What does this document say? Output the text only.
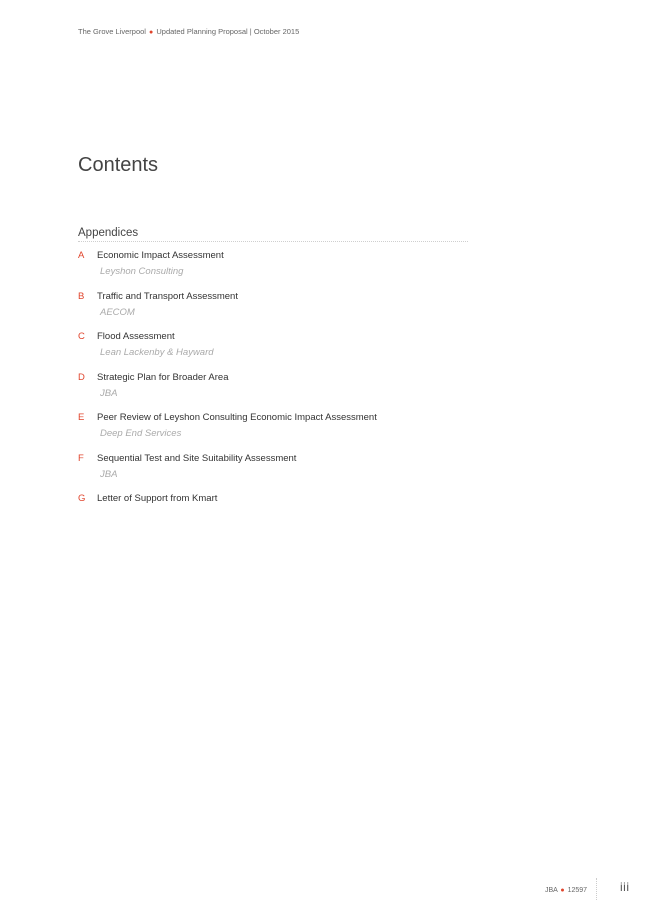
The Grove Liverpool ● Updated Planning Proposal | October 2015
Contents
Appendices
A Economic Impact Assessment
Leyshon Consulting
B Traffic and Transport Assessment
AECOM
C Flood Assessment
Lean Lackenby & Hayward
D Strategic Plan for Broader Area
JBA
E Peer Review of Leyshon Consulting Economic Impact Assessment
Deep End Services
F Sequential Test and Site Suitability Assessment
JBA
G Letter of Support from Kmart
JBA ● 12597	iii
